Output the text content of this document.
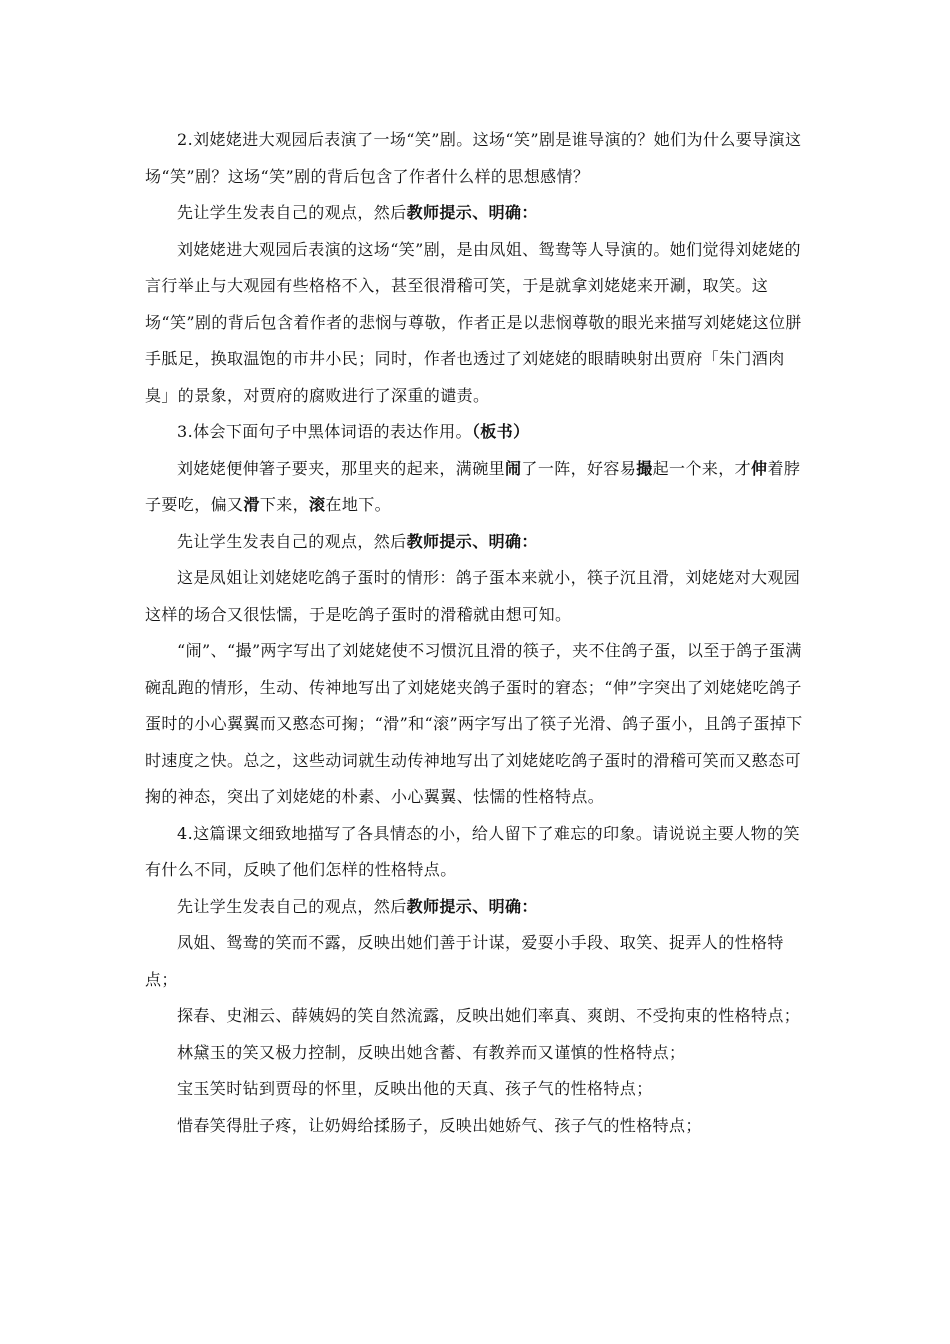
2.刘姥姥进大观园后表演了一场“笑”剧。这场“笑”剧是谁导演的？她们为什么要导演这场“笑”剧？这场“笑”剧的背后包含了作者什么样的思想感情？

先让学生发表自己的观点，然后教师提示、明确：

刘姥姥进大观园后表演的这场“笑”剧，是由凤姐、鸳鸯等人导演的。她们觉得刘姥姥的言行举止与大观园有些格格不入，甚至很滑稽可笑，于是就拿刘姥姥来开涮，取笑。这场“笑”剧的背后包含着作者的悲悯与尊敬，作者正是以悲悯尊敬的眼光来描写刘姥姥这位胼手胝足，换取温饱的市井小民；同时，作者也透过了刘姥姥的眼睛映射出贾府「朱门酒肉臭」的景象，对贾府的腐败进行了深重的谴责。

3.体会下面句子中黑体词语的表达作用。（板书）

刘姥姥便伸箸子要夹，那里夹的起来，满碗里闹了一阵，好容易撮起一个来，才伸着脖子要吃，偏又滑下来，滚在地下。

先让学生发表自己的观点，然后教师提示、明确：

这是凤姐让刘姥姥吃鸽子蛋时的情形：鸽子蛋本来就小，筷子沉且滑，刘姥姥对大观园这样的场合又很怯懦，于是吃鸽子蛋时的滑稽就由想可知。

“闹”、“撮”两字写出了刘姥姥使不习惯沉且滑的筷子，夹不住鸽子蛋，以至于鸽子蛋满碗乱跑的情形，生动、传神地写出了刘姥姥夹鸽子蛋时的窘态；“伸”字突出了刘姥姥吃鸽子蛋时的小心翼翼而又憨态可掬；“滑”和“滚”两字写出了筷子光滑、鸽子蛋小，且鸽子蛋掉下时速度之快。总之，这些动词就生动传神地写出了刘姥姥吃鸽子蛋时的滑稽可笑而又憨态可掬的神态，突出了刘姥姥的朴素、小心翼翼、怯懦的性格特点。

4.这篇课文细致地描写了各具情态的小，给人留下了难忘的印象。请说说主要人物的笑有什么不同，反映了他们怎样的性格特点。

先让学生发表自己的观点，然后教师提示、明确：

凤姐、鸳鸯的笑而不露，反映出她们善于计谋，爱耍小手段、取笑、捉弄人的性格特点；

探春、史湘云、薛姨妈的笑自然流露，反映出她们率真、爽朗、不受拘束的性格特点；

林黛玉的笑又极力控制，反映出她含蓄、有教养而又谨慎的性格特点；

宝玉笑时钻到贾母的怀里，反映出他的天真、孩子气的性格特点；

惜春笑得肚子疼，让奶姆给揉肠子，反映出她娇气、孩子气的性格特点；
